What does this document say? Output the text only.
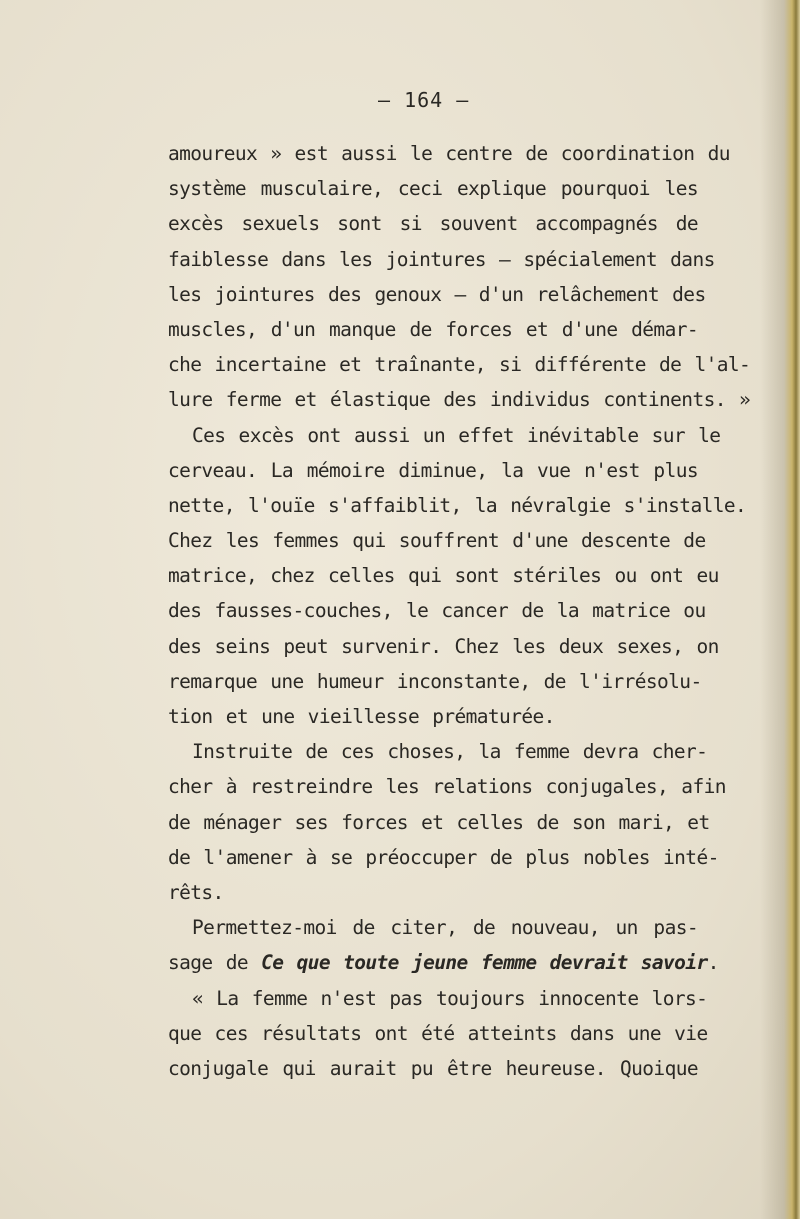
— 164 —
amoureux » est aussi le centre de coordination du
système musculaire, ceci explique pourquoi les
excès sexuels sont si souvent accompagnés de
faiblesse dans les jointures — spécialement dans
les jointures des genoux — d'un relâchement des
muscles, d'un manque de forces et d'une démar-
che incertaine et traînante, si différente de l'al-
lure ferme et élastique des individus continents. »
Ces excès ont aussi un effet inévitable sur le
cerveau. La mémoire diminue, la vue n'est plus
nette, l'ouïe s'affaiblit, la névralgie s'installe.
Chez les femmes qui souffrent d'une descente de
matrice, chez celles qui sont stériles ou ont eu
des fausses-couches, le cancer de la matrice ou
des seins peut survenir. Chez les deux sexes, on
remarque une humeur inconstante, de l'irrésolu-
tion et une vieillesse prématurée.
Instruite de ces choses, la femme devra cher-
cher à restreindre les relations conjugales, afin
de ménager ses forces et celles de son mari, et
de l'amener à se préoccuper de plus nobles inté-
rêts.
Permettez-moi de citer, de nouveau, un pas-
sage de Ce que toute jeune femme devrait savoir.
« La femme n'est pas toujours innocente lors-
que ces résultats ont été atteints dans une vie
conjugale qui aurait pu être heureuse. Quoique
